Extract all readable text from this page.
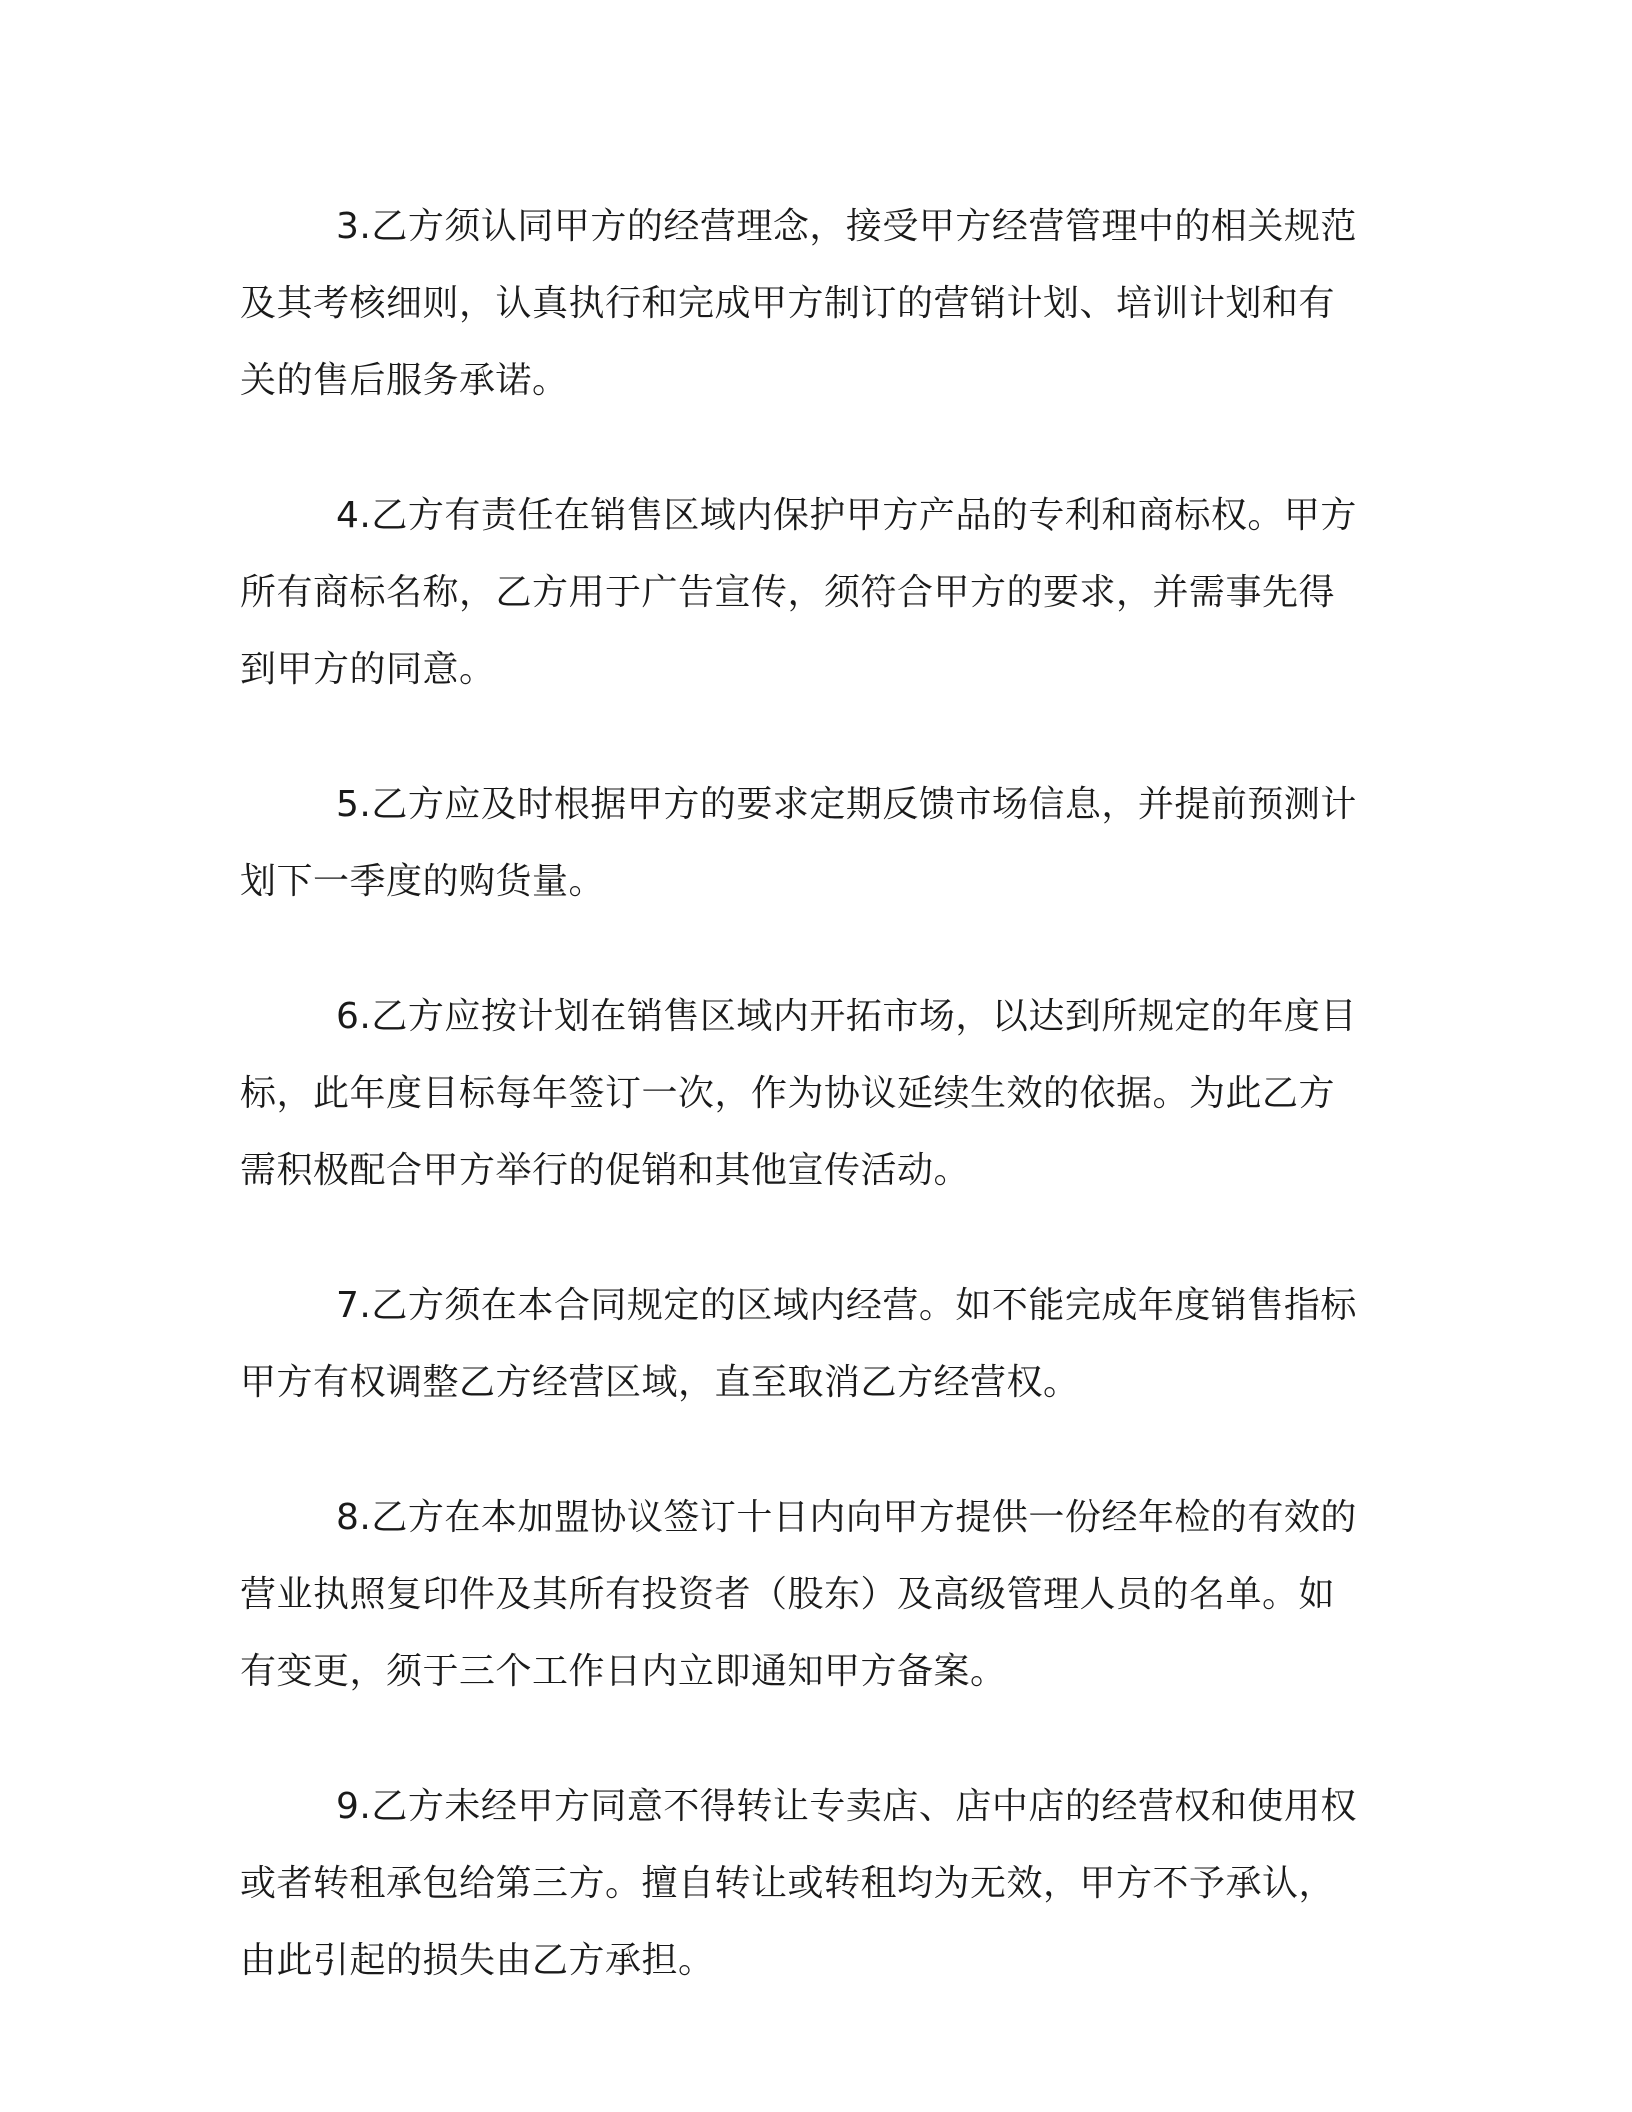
3.乙方须认同甲方的经营理念，接受甲方经营管理中的相关规范
及其考核细则，认真执行和完成甲方制订的营销计划、培训计划和有
关的售后服务承诺。

4.乙方有责任在销售区域内保护甲方产品的专利和商标权。甲方
所有商标名称，乙方用于广告宣传，须符合甲方的要求，并需事先得
到甲方的同意。

5.乙方应及时根据甲方的要求定期反馈市场信息，并提前预测计
划下一季度的购货量。

6.乙方应按计划在销售区域内开拓市场，以达到所规定的年度目
标，此年度目标每年签订一次，作为协议延续生效的依据。为此乙方
需积极配合甲方举行的促销和其他宣传活动。

7.乙方须在本合同规定的区域内经营。如不能完成年度销售指标
甲方有权调整乙方经营区域，直至取消乙方经营权。

8.乙方在本加盟协议签订十日内向甲方提供一份经年检的有效的
营业执照复印件及其所有投资者（股东）及高级管理人员的名单。如
有变更，须于三个工作日内立即通知甲方备案。

9.乙方未经甲方同意不得转让专卖店、店中店的经营权和使用权
或者转租承包给第三方。擅自转让或转租均为无效，甲方不予承认，
由此引起的损失由乙方承担。
